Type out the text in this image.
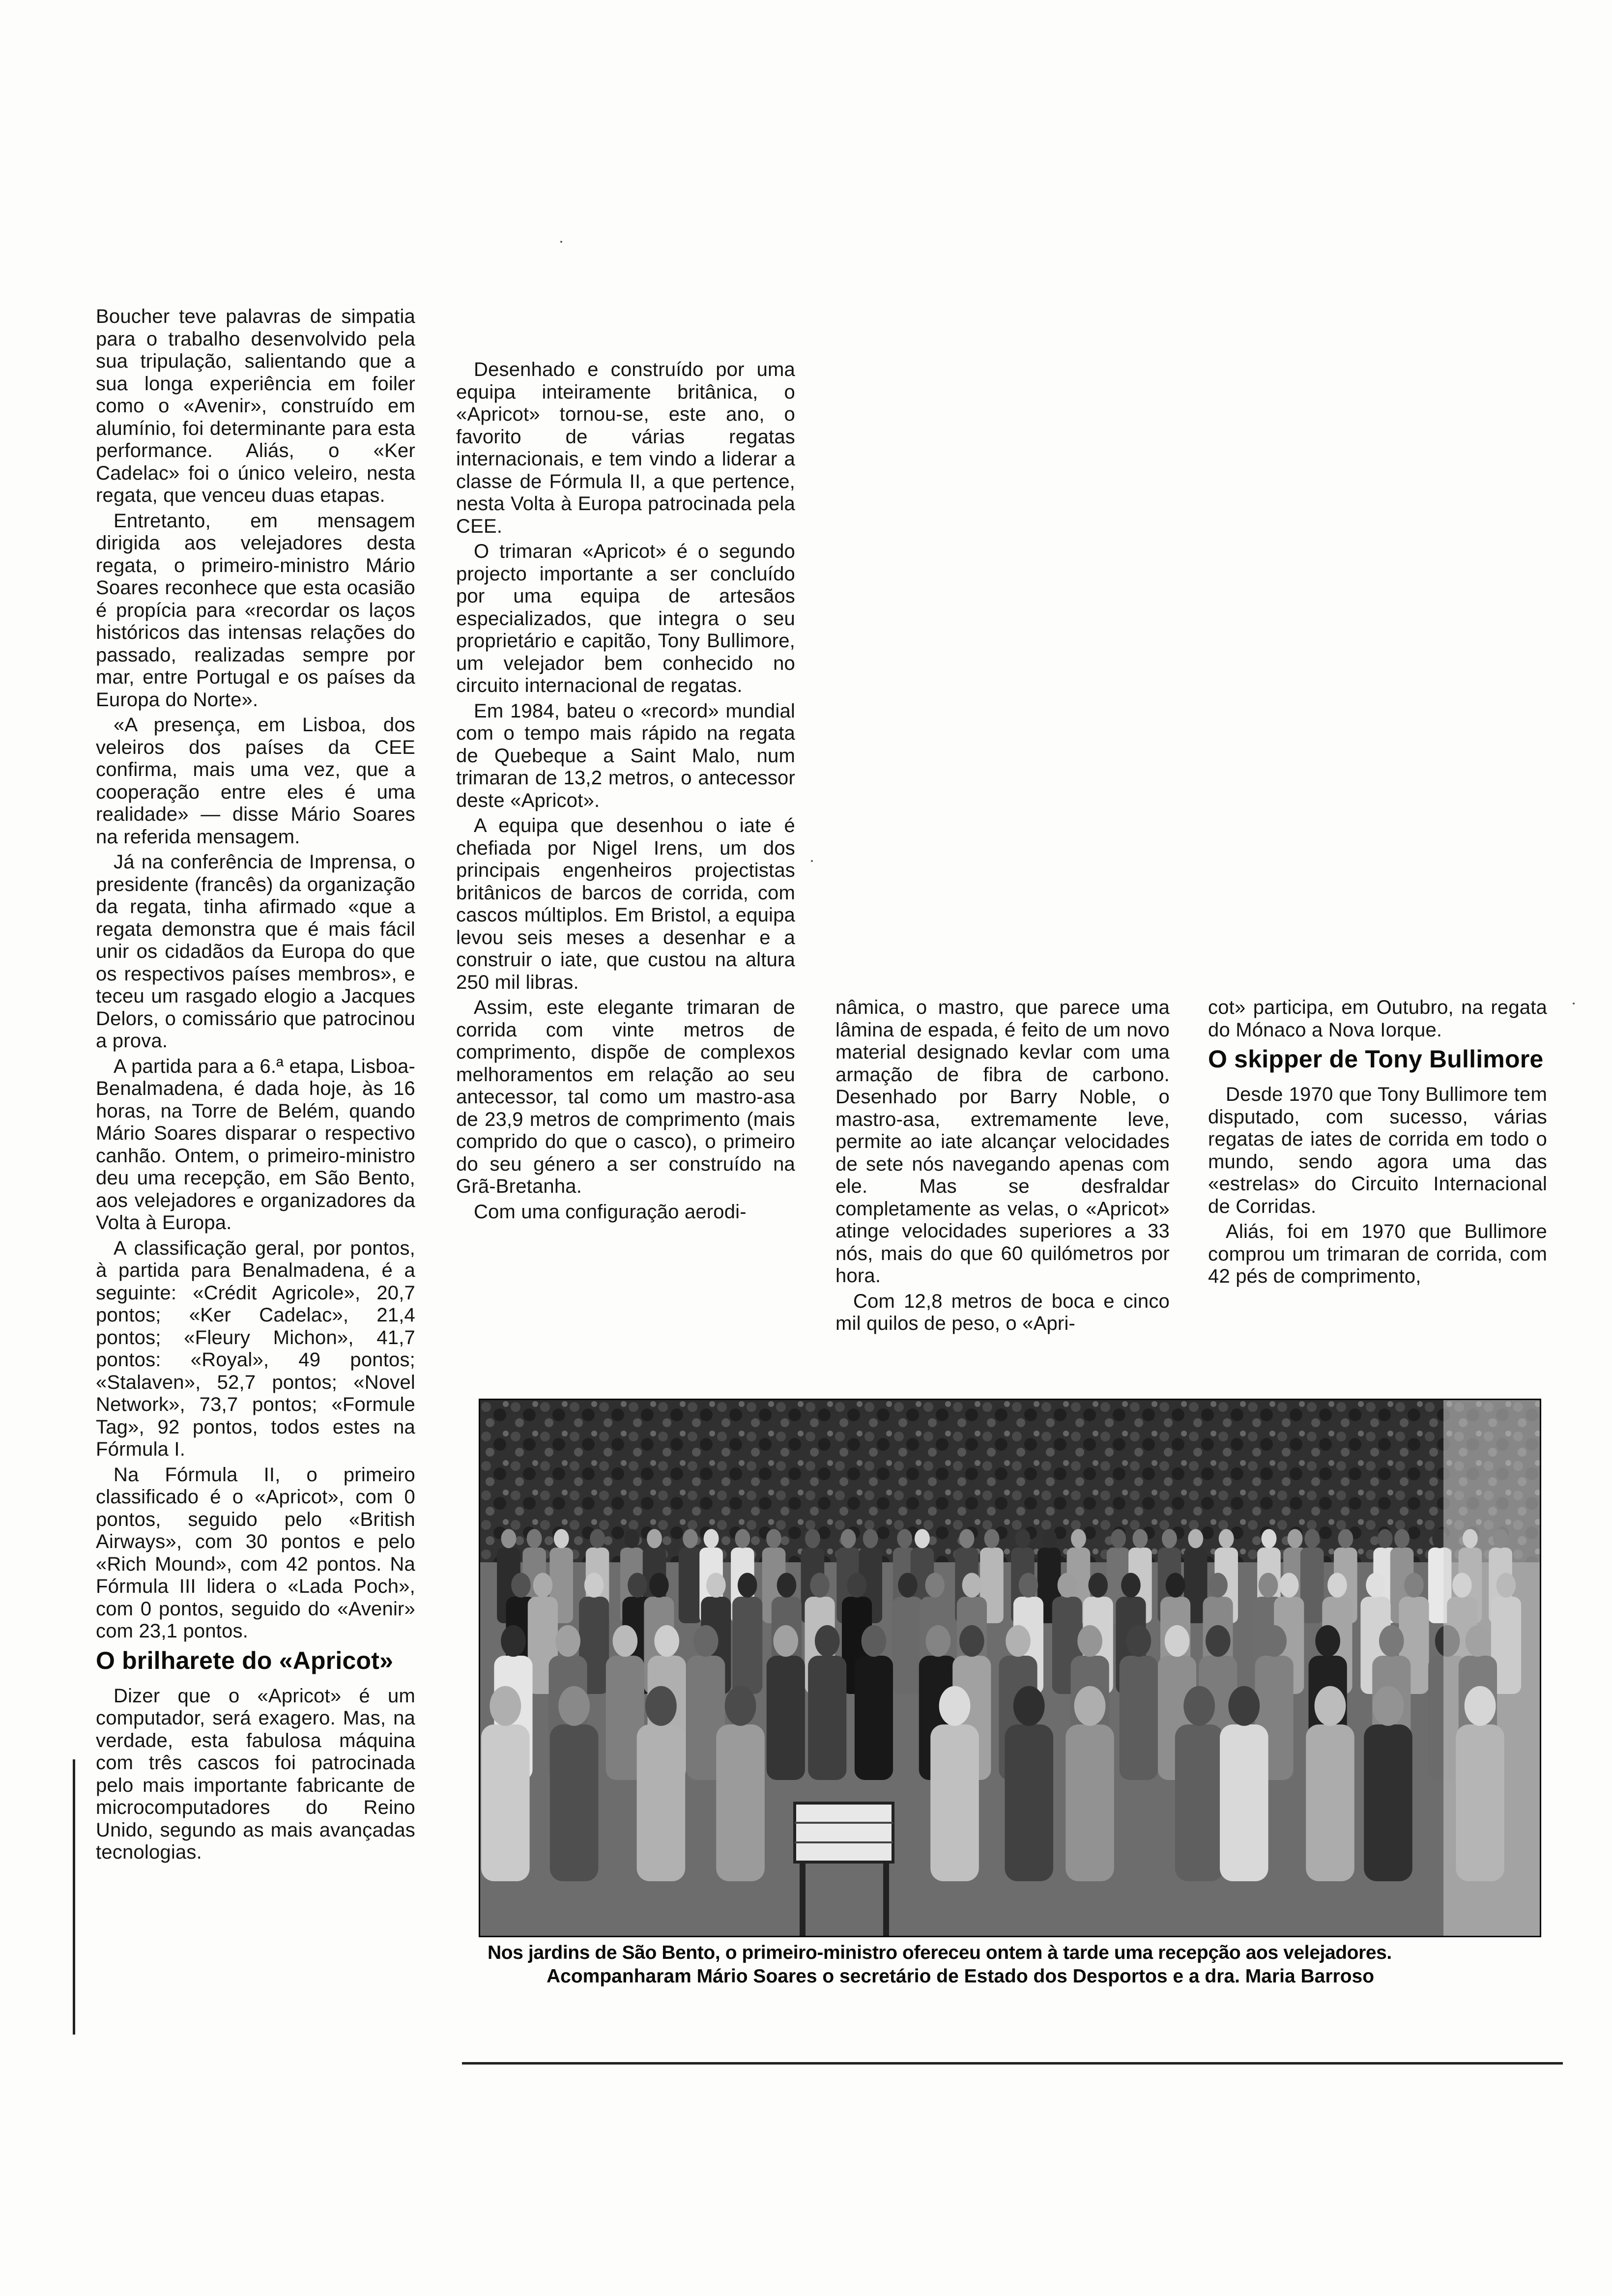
Boucher teve palavras de simpatia para o trabalho desenvolvido pela sua tripulação, salientando que a sua longa experiência em foiler como o «Avenir», construído em alumínio, foi determinante para esta performance. Aliás, o «Ker Cadelac» foi o único veleiro, nesta regata, que venceu duas etapas.

Entretanto, em mensagem dirigida aos velejadores desta regata, o primeiro-ministro Mário Soares reconhece que esta ocasião é propícia para «recordar os laços históricos das intensas relações do passado, realizadas sempre por mar, entre Portugal e os países da Europa do Norte».

«A presença, em Lisboa, dos veleiros dos países da CEE confirma, mais uma vez, que a cooperação entre eles é uma realidade» — disse Mário Soares na referida mensagem.

Já na conferência de Imprensa, o presidente (francês) da organização da regata, tinha afirmado «que a regata demonstra que é mais fácil unir os cidadãos da Europa do que os respectivos países membros», e teceu um rasgado elogio a Jacques Delors, o comissário que patrocinou a prova.

A partida para a 6.ª etapa, Lisboa-Benalmadena, é dada hoje, às 16 horas, na Torre de Belém, quando Mário Soares disparar o respectivo canhão. Ontem, o primeiro-ministro deu uma recepção, em São Bento, aos velejadores e organizadores da Volta à Europa.

A classificação geral, por pontos, à partida para Benalmadena, é a seguinte: «Crédit Agricole», 20,7 pontos; «Ker Cadelac», 21,4 pontos; «Fleury Michon», 41,7 pontos: «Royal», 49 pontos; «Stalaven», 52,7 pontos; «Novel Network», 73,7 pontos; «Formule Tag», 92 pontos, todos estes na Fórmula I.

Na Fórmula II, o primeiro classificado é o «Apricot», com 0 pontos, seguido pelo «British Airways», com 30 pontos e pelo «Rich Mound», com 42 pontos. Na Fórmula III lidera o «Lada Poch», com 0 pontos, seguido do «Avenir» com 23,1 pontos.

O brilharete do «Apricot»

Dizer que o «Apricot» é um computador, será exagero. Mas, na verdade, esta fabulosa máquina com três cascos foi patrocinada pelo mais importante fabricante de microcomputadores do Reino Unido, segundo as mais avançadas tecnologias.

Desenhado e construído por uma equipa inteiramente britânica, o «Apricot» tornou-se, este ano, o favorito de várias regatas internacionais, e tem vindo a liderar a classe de Fórmula II, a que pertence, nesta Volta à Europa patrocinada pela CEE.

O trimaran «Apricot» é o segundo projecto importante a ser concluído por uma equipa de artesãos especializados, que integra o seu proprietário e capitão, Tony Bullimore, um velejador bem conhecido no circuito internacional de regatas.

Em 1984, bateu o «record» mundial com o tempo mais rápido na regata de Quebeque a Saint Malo, num trimaran de 13,2 metros, o antecessor deste «Apricot».

A equipa que desenhou o iate é chefiada por Nigel Irens, um dos principais engenheiros projectistas britânicos de barcos de corrida, com cascos múltiplos. Em Bristol, a equipa levou seis meses a desenhar e a construir o iate, que custou na altura 250 mil libras.

Assim, este elegante trimaran de corrida com vinte metros de comprimento, dispõe de complexos melhoramentos em relação ao seu antecessor, tal como um mastro-asa de 23,9 metros de comprimento (mais comprido do que o casco), o primeiro do seu género a ser construído na Grã-Bretanha.

Com uma configuração aerodi-

nâmica, o mastro, que parece uma lâmina de espada, é feito de um novo material designado kevlar com uma armação de fibra de carbono. Desenhado por Barry Noble, o mastro-asa, extremamente leve, permite ao iate alcançar velocidades de sete nós navegando apenas com ele. Mas se desfraldar completamente as velas, o «Apricot» atinge velocidades superiores a 33 nós, mais do que 60 quilómetros por hora.

Com 12,8 metros de boca e cinco mil quilos de peso, o «Apri-

cot» participa, em Outubro, na regata do Mónaco a Nova Iorque.

O skipper de Tony Bullimore

Desde 1970 que Tony Bullimore tem disputado, com sucesso, várias regatas de iates de corrida em todo o mundo, sendo agora uma das «estrelas» do Circuito Internacional de Corridas.

Aliás, foi em 1970 que Bullimore comprou um trimaran de corrida, com 42 pés de comprimento,

Nos jardins de São Bento, o primeiro-ministro ofereceu ontem à tarde uma recepção aos velejadores.
Acompanharam Mário Soares o secretário de Estado dos Desportos e a dra. Maria Barroso
